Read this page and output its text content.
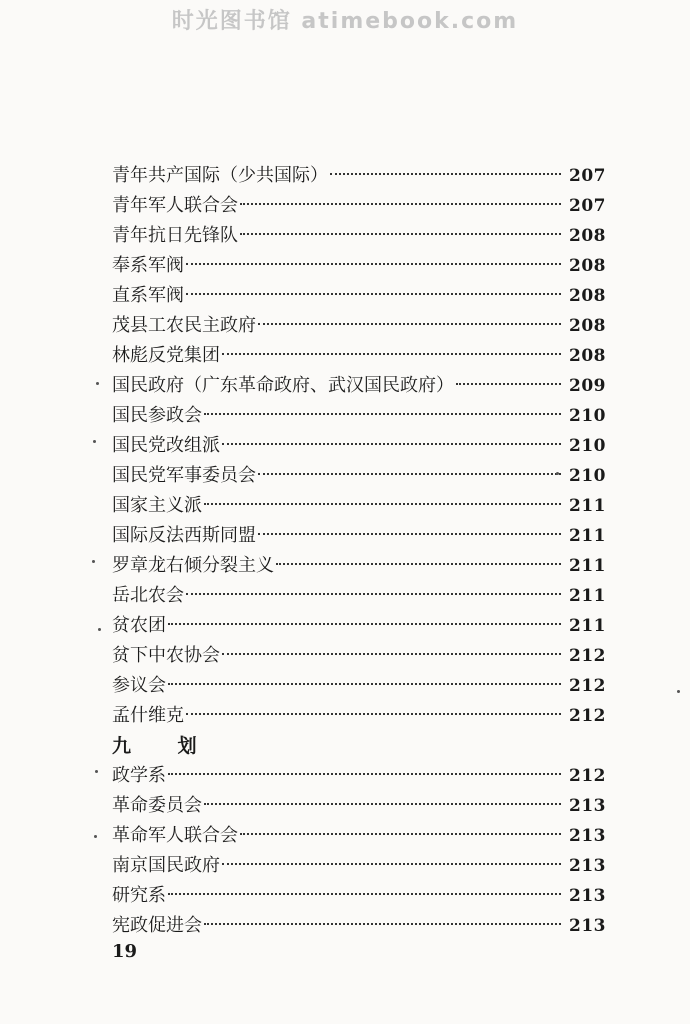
时光图书馆 atimebook.com
青年共产国际（少共国际）	207
青年军人联合会	207
青年抗日先锋队	208
奉系军阀	208
直系军阀	208
茂县工农民主政府	208
林彪反党集团	208
国民政府（广东革命政府、武汉国民政府）	209
国民参政会	210
国民党改组派	210
国民党军事委员会	210
国家主义派	211
国际反法西斯同盟	211
罗章龙右倾分裂主义	211
岳北农会	211
贫农团	211
贫下中农协会	212
参议会	212
孟什维克	212
九 划
政学系	212
革命委员会	213
革命军人联合会	213
南京国民政府	213
研究系	213
宪政促进会	213
19
